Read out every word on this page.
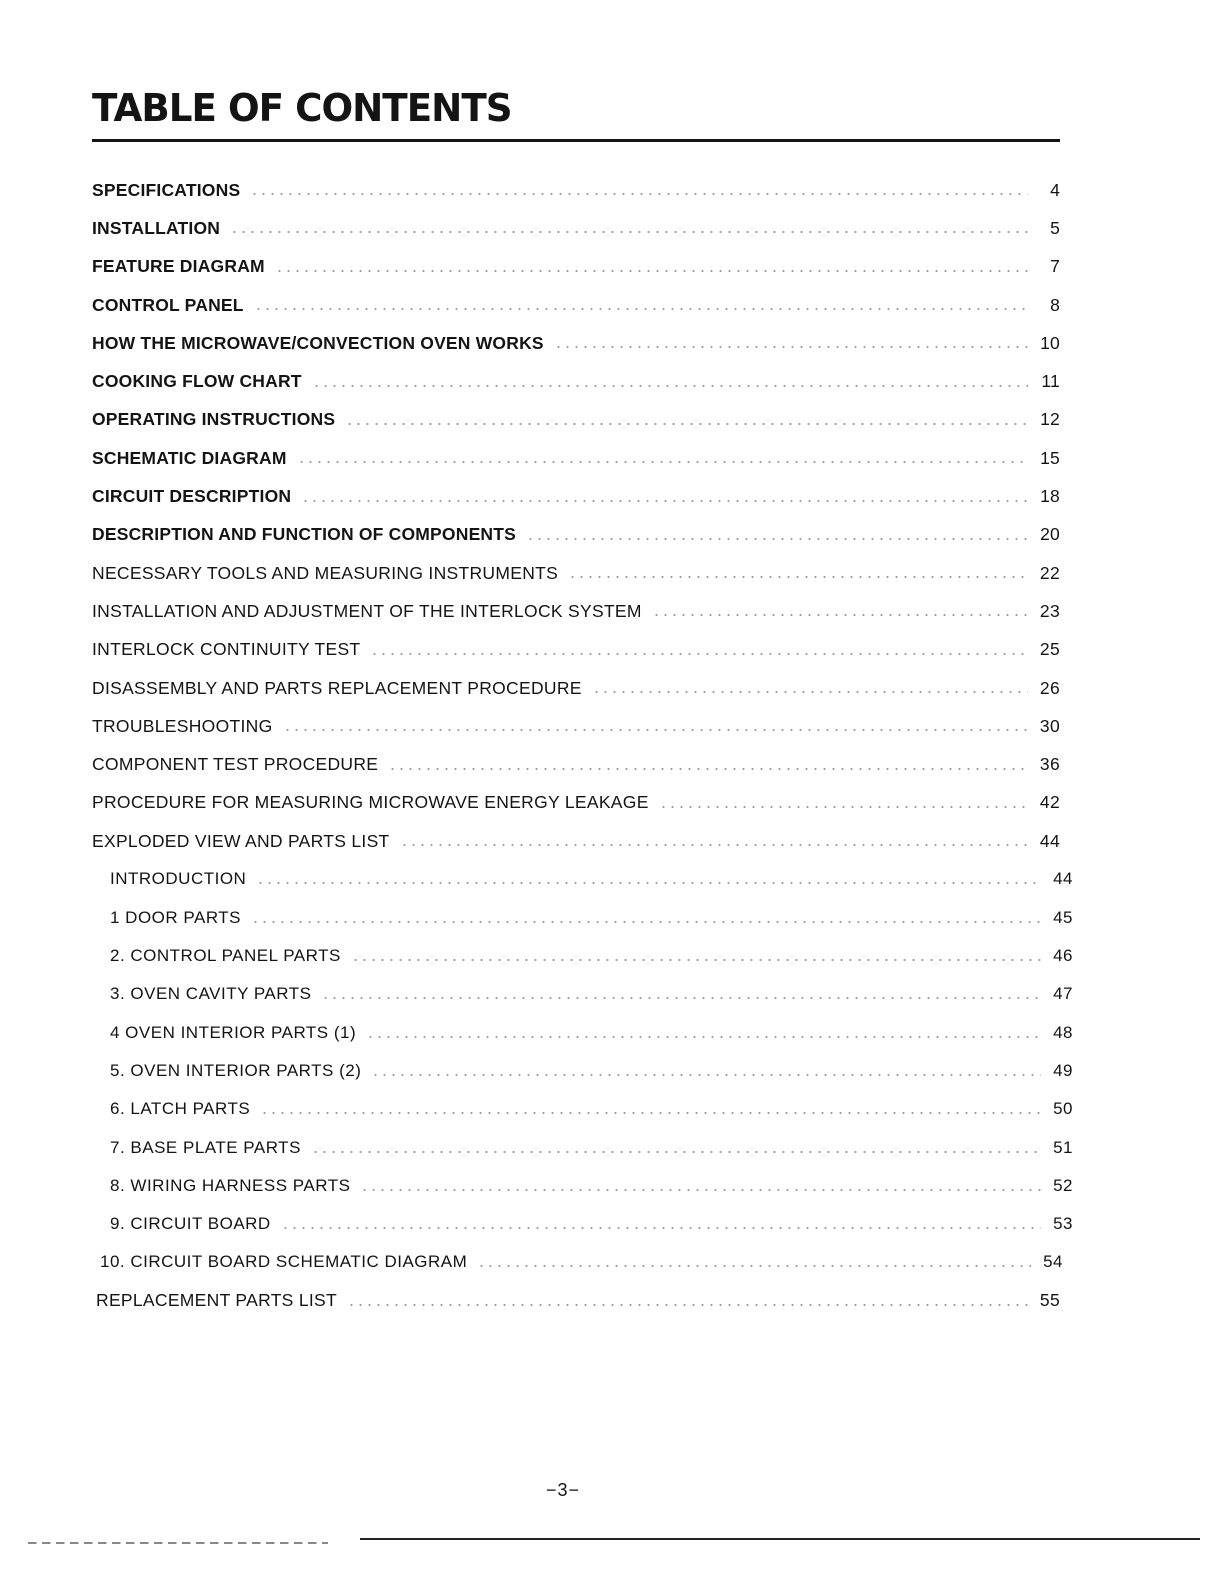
TABLE OF CONTENTS
SPECIFICATIONS	4
INSTALLATION	5
FEATURE DIAGRAM	7
CONTROL PANEL	8
HOW THE MICROWAVE/CONVECTION OVEN WORKS	10
COOKING FLOW CHART	11
OPERATING INSTRUCTIONS	12
SCHEMATIC DIAGRAM	15
CIRCUIT DESCRIPTION	18
DESCRIPTION AND FUNCTION OF COMPONENTS	20
NECESSARY TOOLS AND MEASURING INSTRUMENTS	22
INSTALLATION AND ADJUSTMENT OF THE INTERLOCK SYSTEM	23
INTERLOCK CONTINUITY TEST	25
DISASSEMBLY AND PARTS REPLACEMENT PROCEDURE	26
TROUBLESHOOTING	30
COMPONENT TEST PROCEDURE	36
PROCEDURE FOR MEASURING MICROWAVE ENERGY LEAKAGE	42
EXPLODED VIEW AND PARTS LIST	44
INTRODUCTION	44
1 DOOR PARTS	45
2. CONTROL PANEL PARTS	46
3. OVEN CAVITY PARTS	47
4 OVEN INTERIOR PARTS (1)	48
5. OVEN INTERIOR PARTS (2)	49
6. LATCH PARTS	50
7. BASE PLATE PARTS	51
8. WIRING HARNESS PARTS	52
9. CIRCUIT BOARD	53
10. CIRCUIT BOARD SCHEMATIC DIAGRAM	54
REPLACEMENT PARTS LIST	55
−3−
